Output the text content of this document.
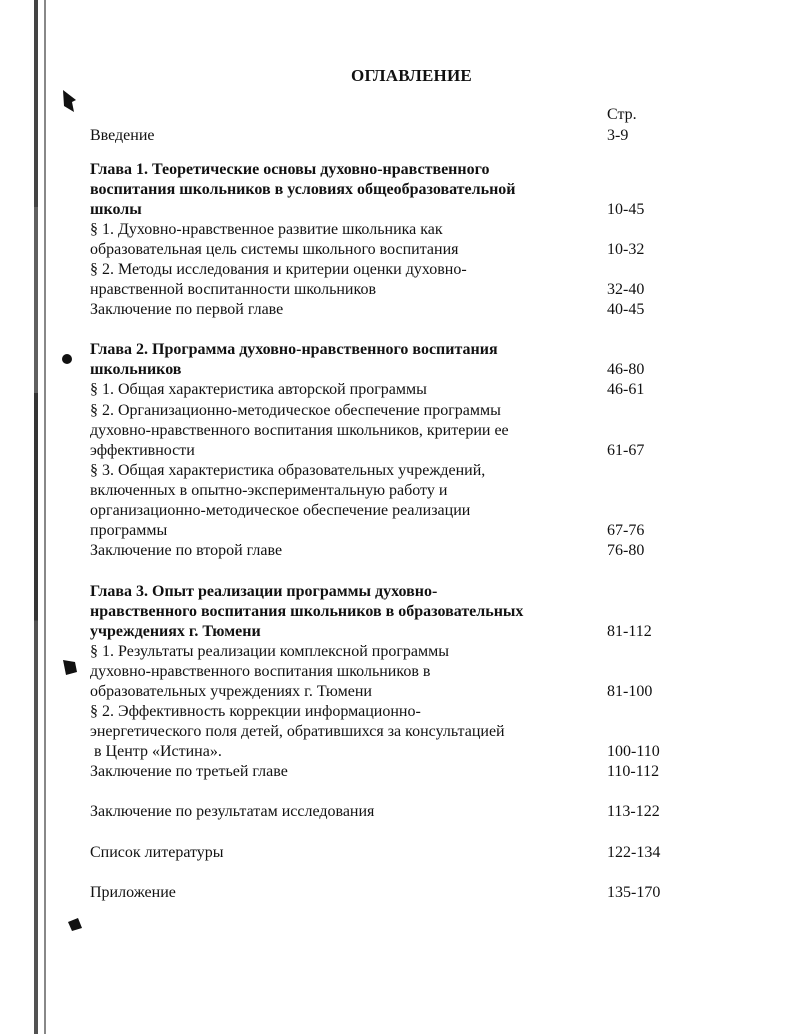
ОГЛАВЛЕНИЕ
Стр.
Введение	3-9
Глава 1. Теоретические основы духовно-нравственного
воспитания школьников в условиях общеобразовательной
школы	10-45
§ 1. Духовно-нравственное развитие школьника как
образовательная цель системы школьного воспитания	10-32
§ 2. Методы исследования и критерии оценки духовно-
нравственной воспитанности школьников	32-40
Заключение по первой главе	40-45
Глава 2. Программа духовно-нравственного воспитания
школьников	46-80
§ 1. Общая характеристика авторской программы	46-61
§ 2. Организационно-методическое обеспечение программы
духовно-нравственного воспитания школьников, критерии ее
эффективности	61-67
§ 3. Общая характеристика образовательных учреждений,
включенных в опытно-экспериментальную работу и
организационно-методическое обеспечение реализации
программы	67-76
Заключение по второй главе	76-80
Глава 3. Опыт реализации программы духовно-
нравственного воспитания школьников в образовательных
учреждениях г. Тюмени	81-112
§ 1. Результаты реализации комплексной программы
духовно-нравственного воспитания школьников в
образовательных учреждениях г. Тюмени	81-100
§ 2. Эффективность коррекции информационно-
энергетического поля детей, обратившихся за консультацией
в Центр «Истина».	100-110
Заключение по третьей главе	110-112
Заключение по результатам исследования	113-122
Список литературы	122-134
Приложение	135-170
